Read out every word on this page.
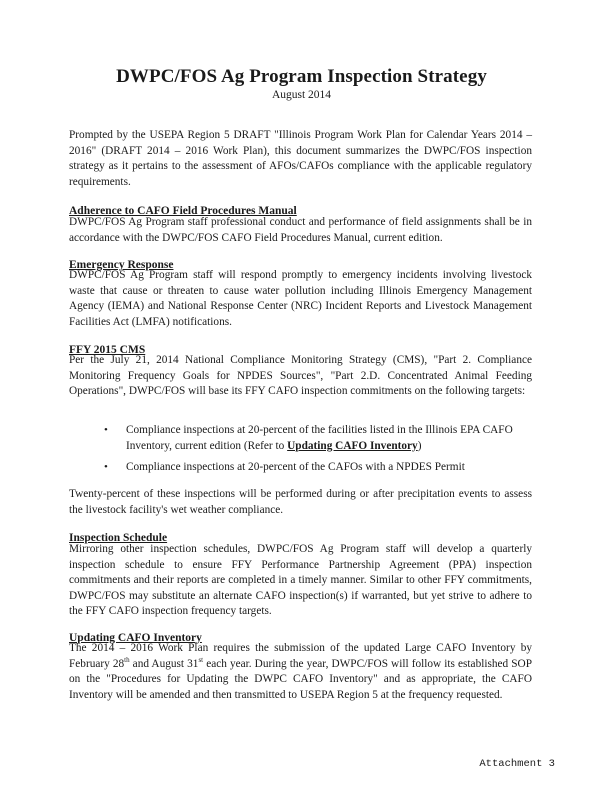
DWPC/FOS Ag Program Inspection Strategy
August 2014
Prompted by the USEPA Region 5 DRAFT "Illinois Program Work Plan for Calendar Years 2014 – 2016" (DRAFT 2014 – 2016 Work Plan), this document summarizes the DWPC/FOS inspection strategy as it pertains to the assessment of AFOs/CAFOs compliance with the applicable regulatory requirements.
Adherence to CAFO Field Procedures Manual
DWPC/FOS Ag Program staff professional conduct and performance of field assignments shall be in accordance with the DWPC/FOS CAFO Field Procedures Manual, current edition.
Emergency Response
DWPC/FOS Ag Program staff will respond promptly to emergency incidents involving livestock waste that cause or threaten to cause water pollution including Illinois Emergency Management Agency (IEMA) and National Response Center (NRC) Incident Reports and Livestock Management Facilities Act (LMFA) notifications.
FFY 2015 CMS
Per the July 21, 2014 National Compliance Monitoring Strategy (CMS), "Part 2. Compliance Monitoring Frequency Goals for NPDES Sources", "Part 2.D. Concentrated Animal Feeding Operations", DWPC/FOS will base its FFY CAFO inspection commitments on the following targets:
• Compliance inspections at 20-percent of the facilities listed in the Illinois EPA CAFO Inventory, current edition (Refer to Updating CAFO Inventory)
• Compliance inspections at 20-percent of the CAFOs with a NPDES Permit
Twenty-percent of these inspections will be performed during or after precipitation events to assess the livestock facility's wet weather compliance.
Inspection Schedule
Mirroring other inspection schedules, DWPC/FOS Ag Program staff will develop a quarterly inspection schedule to ensure FFY Performance Partnership Agreement (PPA) inspection commitments and their reports are completed in a timely manner. Similar to other FFY commitments, DWPC/FOS may substitute an alternate CAFO inspection(s) if warranted, but yet strive to adhere to the FFY CAFO inspection frequency targets.
Updating CAFO Inventory
The 2014 – 2016 Work Plan requires the submission of the updated Large CAFO Inventory by February 28th and August 31st each year. During the year, DWPC/FOS will follow its established SOP on the "Procedures for Updating the DWPC CAFO Inventory" and as appropriate, the CAFO Inventory will be amended and then transmitted to USEPA Region 5 at the frequency requested.
Attachment 3
